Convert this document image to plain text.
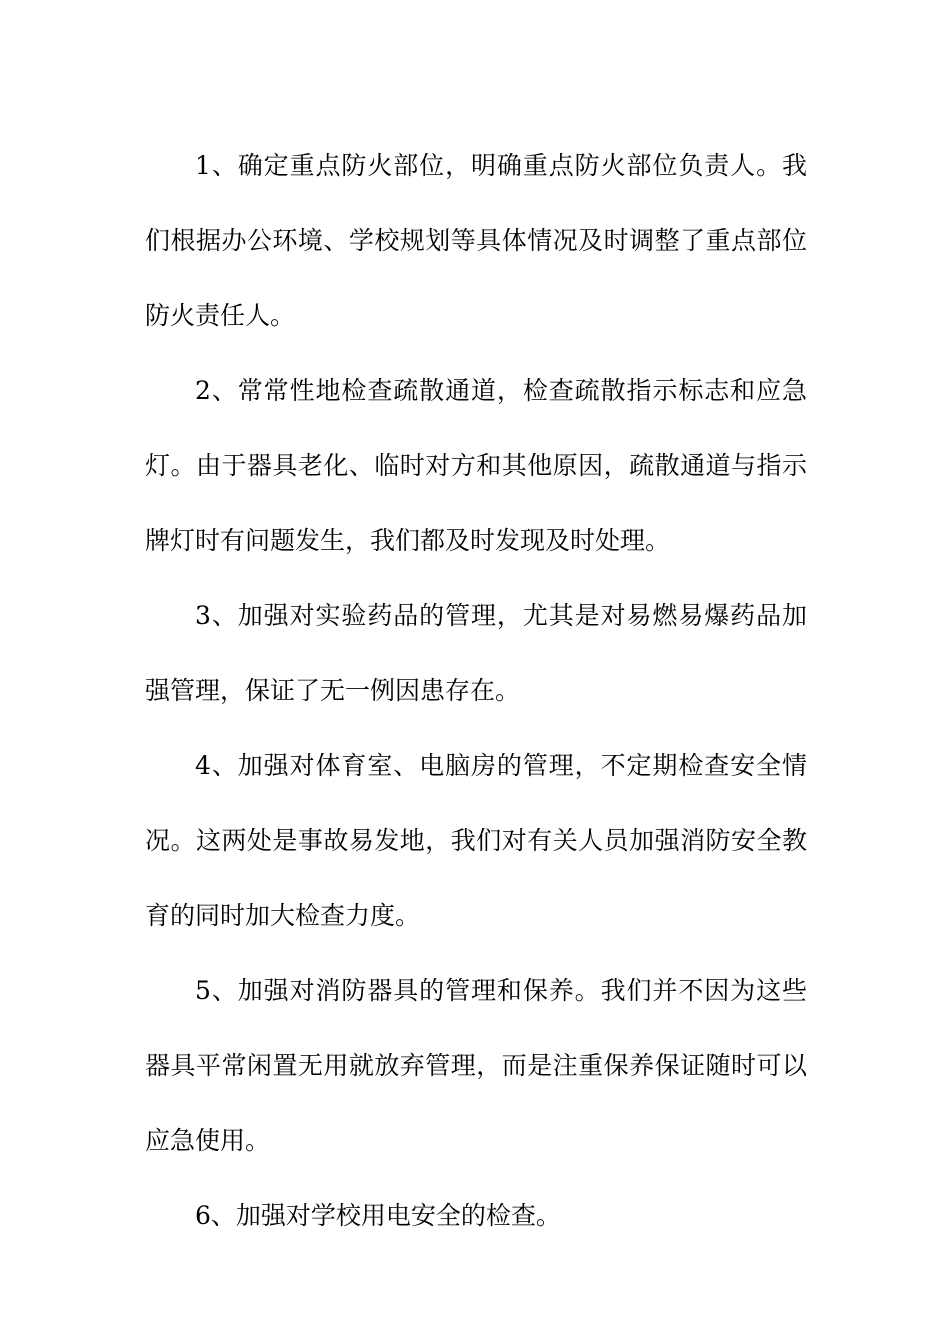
1、确定重点防火部位，明确重点防火部位负责人。我们根据办公环境、学校规划等具体情况及时调整了重点部位防火责任人。

2、常常性地检查疏散通道，检查疏散指示标志和应急灯。由于器具老化、临时对方和其他原因，疏散通道与指示牌灯时有问题发生，我们都及时发现及时处理。

3、加强对实验药品的管理，尤其是对易燃易爆药品加强管理，保证了无一例因患存在。

4、加强对体育室、电脑房的管理，不定期检查安全情况。这两处是事故易发地，我们对有关人员加强消防安全教育的同时加大检查力度。

5、加强对消防器具的管理和保养。我们并不因为这些器具平常闲置无用就放弃管理，而是注重保养保证随时可以应急使用。

6、加强对学校用电安全的检查。
